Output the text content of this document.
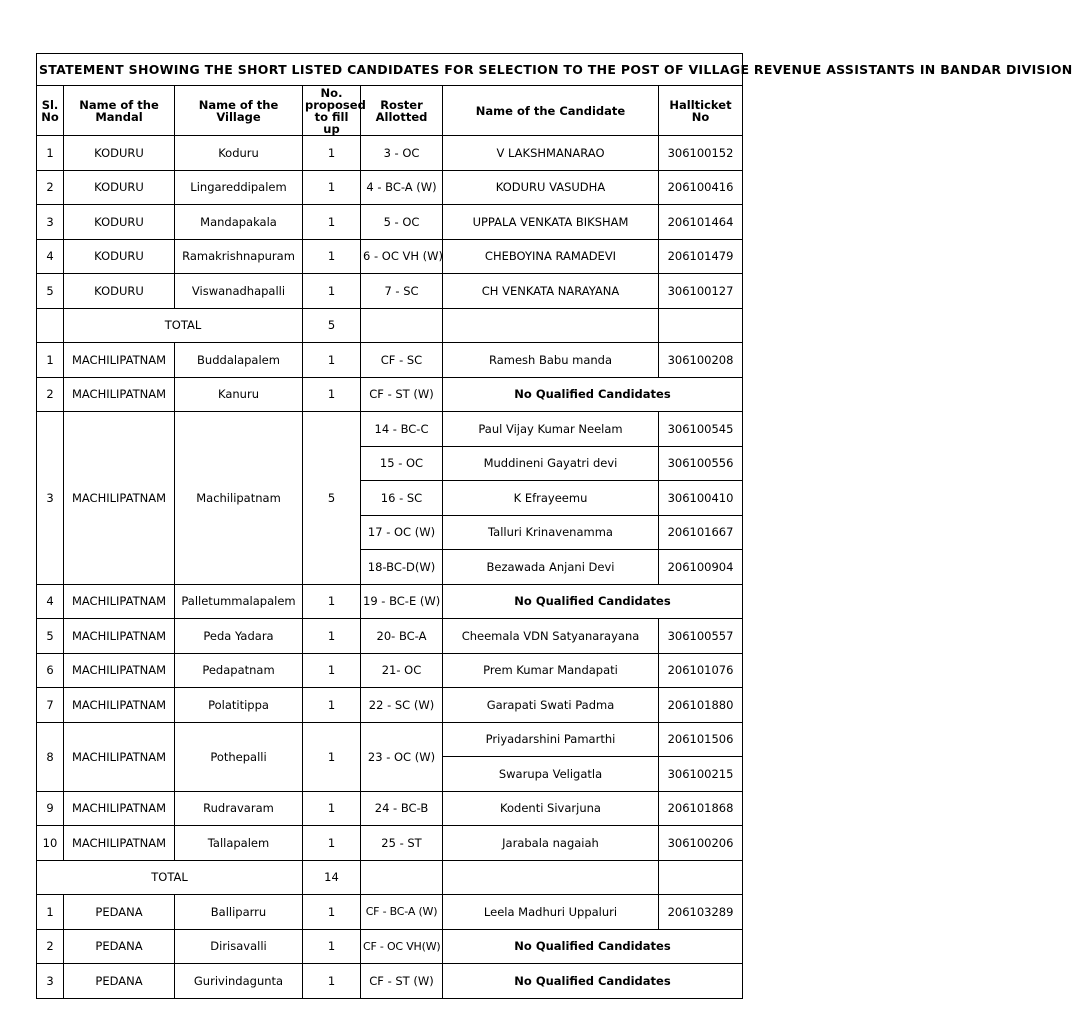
STATEMENT SHOWING THE SHORT LISTED CANDIDATES FOR SELECTION TO THE POST OF VILLAGE REVENUE ASSISTANTS IN BANDAR DIVISION						
Sl. No	Name of the Mandal	Name of the Village	No. proposed to fill up	Roster Allotted	Name of the Candidate	Hallticket No
1	KODURU	Koduru	1	3 - OC	V LAKSHMANARAO	306100152
2	KODURU	Lingareddipalem	1	4 - BC-A (W)	KODURU VASUDHA	206100416
3	KODURU	Mandapakala	1	5 - OC	UPPALA VENKATA BIKSHAM	206101464
4	KODURU	Ramakrishnapuram	1	6 - OC VH (W)	CHEBOYINA RAMADEVI	206101479
5	KODURU	Viswanadhapalli	1	7 - SC	CH VENKATA NARAYANA	306100127
	TOTAL		5			
1	MACHILIPATNAM	Buddalapalem	1	CF - SC	Ramesh Babu manda	306100208
2	MACHILIPATNAM	Kanuru	1	CF - ST (W)	No Qualified Candidates	
3	MACHILIPATNAM	Machilipatnam	5	14 - BC-C	Paul Vijay Kumar Neelam	306100545
				15 - OC	Muddineni Gayatri devi	306100556
				16 - SC	K Efrayeemu	306100410
				17 - OC (W)	Talluri Krinavenamma	206101667
				18-BC-D(W)	Bezawada Anjani Devi	206100904
4	MACHILIPATNAM	Palletummalapalem	1	19 - BC-E (W)	No Qualified Candidates	
5	MACHILIPATNAM	Peda Yadara	1	20- BC-A	Cheemala VDN Satyanarayana	306100557
6	MACHILIPATNAM	Pedapatnam	1	21- OC	Prem Kumar Mandapati	206101076
7	MACHILIPATNAM	Polatitippa	1	22 - SC (W)	Garapati Swati Padma	206101880
8	MACHILIPATNAM	Pothepalli	1	23 - OC (W)	Priyadarshini Pamarthi	206101506
					Swarupa Veligatla	306100215
9	MACHILIPATNAM	Rudravaram	1	24 - BC-B	Kodenti Sivarjuna	206101868
10	MACHILIPATNAM	Tallapalem	1	25 - ST	Jarabala nagaiah	306100206
TOTAL			14			
1	PEDANA	Balliparru	1	CF - BC-A (W)	Leela Madhuri Uppaluri	206103289
2	PEDANA	Dirisavalli	1	CF - OC VH(W)	No Qualified Candidates	
3	PEDANA	Gurivindagunta	1	CF - ST (W)	No Qualified Candidates	
